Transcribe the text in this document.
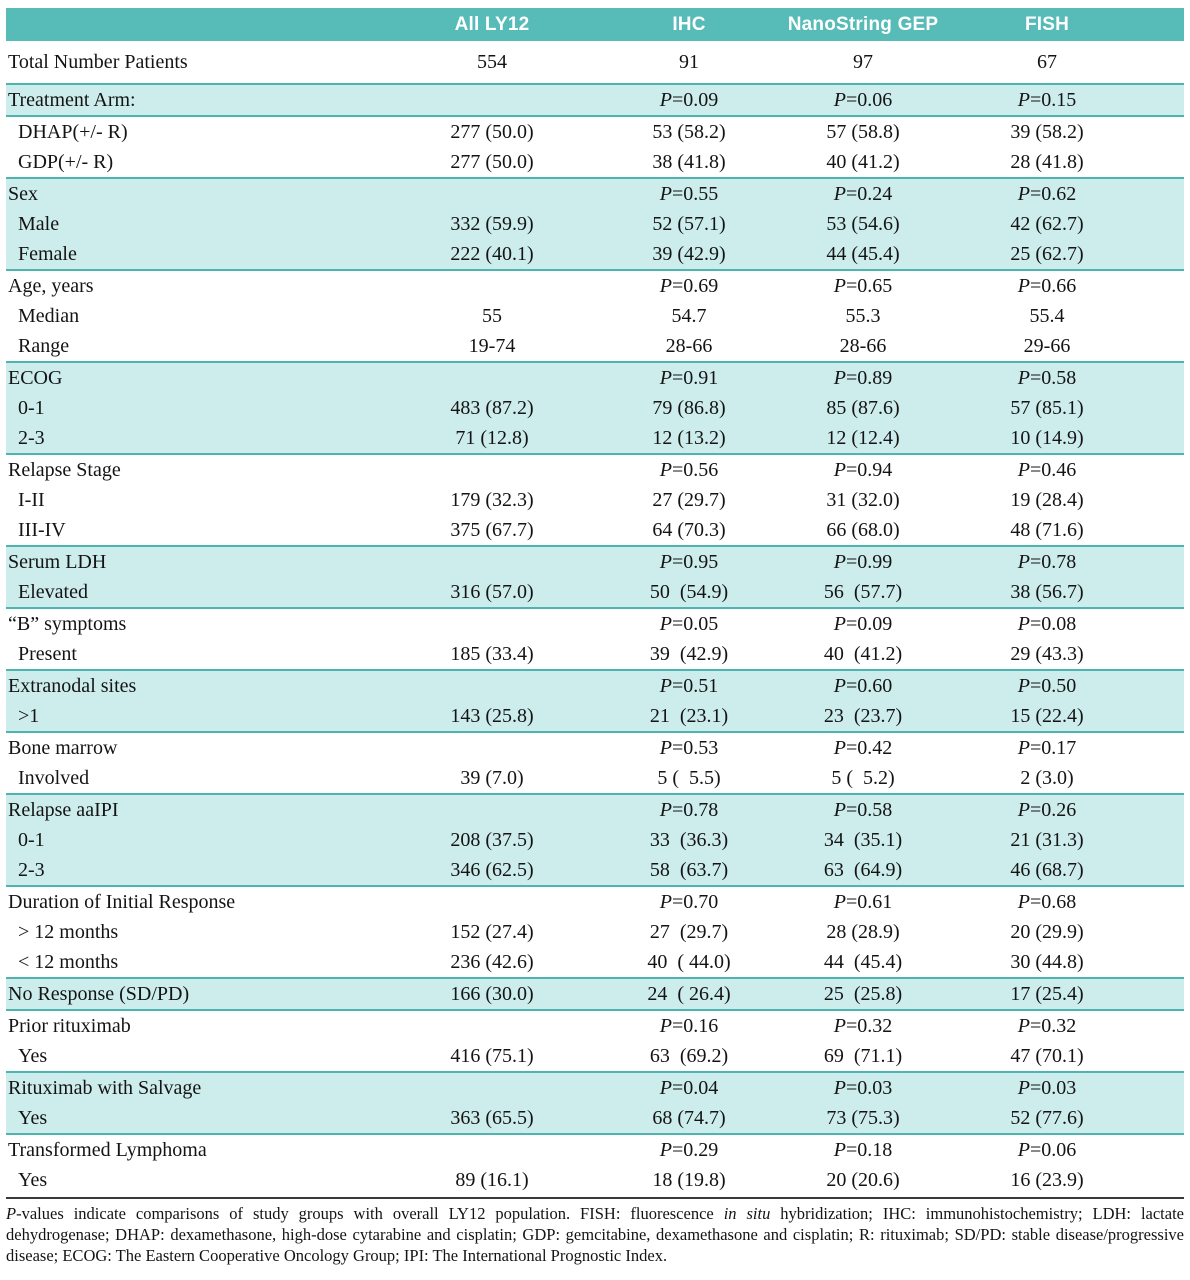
	All LY12	IHC	NanoString GEP	FISH
Total Number Patients	554	91	97	67
Treatment Arm:		P=0.09	P=0.06	P=0.15
DHAP(+/- R)	277 (50.0)	53 (58.2)	57 (58.8)	39 (58.2)
GDP(+/- R)	277 (50.0)	38 (41.8)	40 (41.2)	28 (41.8)
Sex		P=0.55	P=0.24	P=0.62
Male	332 (59.9)	52 (57.1)	53 (54.6)	42 (62.7)
Female	222 (40.1)	39 (42.9)	44 (45.4)	25 (62.7)
Age, years		P=0.69	P=0.65	P=0.66
Median	55	54.7	55.3	55.4
Range	19-74	28-66	28-66	29-66
ECOG		P=0.91	P=0.89	P=0.58
0-1	483 (87.2)	79 (86.8)	85 (87.6)	57 (85.1)
2-3	71 (12.8)	12 (13.2)	12 (12.4)	10 (14.9)
Relapse Stage		P=0.56	P=0.94	P=0.46
I-II	179 (32.3)	27 (29.7)	31 (32.0)	19 (28.4)
III-IV	375 (67.7)	64 (70.3)	66 (68.0)	48 (71.6)
Serum LDH		P=0.95	P=0.99	P=0.78
Elevated	316 (57.0)	50  (54.9)	56  (57.7)	38 (56.7)
“B” symptoms		P=0.05	P=0.09	P=0.08
Present	185 (33.4)	39  (42.9)	40  (41.2)	29 (43.3)
Extranodal sites		P=0.51	P=0.60	P=0.50
>1	143 (25.8)	21  (23.1)	23  (23.7)	15 (22.4)
Bone marrow		P=0.53	P=0.42	P=0.17
Involved	39 (7.0)	5 (  5.5)	5 (  5.2)	2 (3.0)
Relapse aaIPI		P=0.78	P=0.58	P=0.26
0-1	208 (37.5)	33  (36.3)	34  (35.1)	21 (31.3)
2-3	346 (62.5)	58  (63.7)	63  (64.9)	46 (68.7)
Duration of Initial Response		P=0.70	P=0.61	P=0.68
> 12 months	152 (27.4)	27  (29.7)	28 (28.9)	20 (29.9)
< 12 months	236 (42.6)	40  ( 44.0)	44  (45.4)	30 (44.8)
No Response (SD/PD)	166 (30.0)	24  ( 26.4)	25  (25.8)	17 (25.4)
Prior rituximab		P=0.16	P=0.32	P=0.32
Yes	416 (75.1)	63  (69.2)	69  (71.1)	47 (70.1)
Rituximab with Salvage		P=0.04	P=0.03	P=0.03
Yes	363 (65.5)	68 (74.7)	73 (75.3)	52 (77.6)
Transformed Lymphoma		P=0.29	P=0.18	P=0.06
Yes	89 (16.1)	18 (19.8)	20 (20.6)	16 (23.9)

P-values indicate comparisons of study groups with overall LY12 population. FISH: fluorescence in situ hybridization; IHC: immunohistochemistry; LDH: lactate dehydrogenase; DHAP: dexamethasone, high-dose cytarabine and cisplatin; GDP: gemcitabine, dexamethasone and cisplatin; R: rituximab; SD/PD: stable disease/progressive disease; ECOG: The Eastern Cooperative Oncology Group; IPI: The International Prognostic Index.
